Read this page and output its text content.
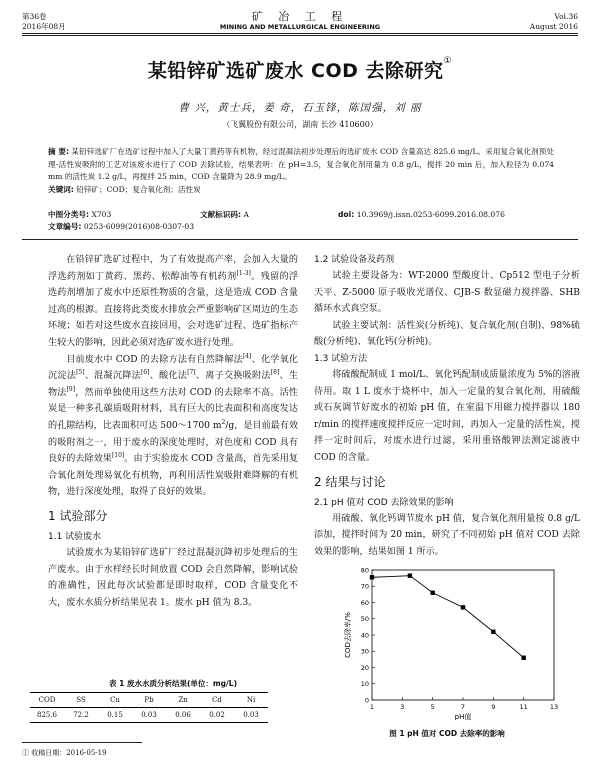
第36卷
2016年08月
矿 冶 工 程
MINING AND METALLURGICAL ENGINEERING
Vol.36
August 2016
某铅锌矿选矿废水 COD 去除研究①
曹 兴，黄士兵，姜 奇，石玉锋，陈国强，刘 丽
（飞翼股份有限公司，湖南 长沙 410600）
摘 要: 某铅锌选矿厂在选矿过程中加入了大量丁黄药等有机物，经过混凝法初步处理后的选矿废水 COD 含量高达 825.6 mg/L。采用复合氧化剂预处理-活性炭吸附的工艺对该废水进行了 COD 去除试验，结果表明：在 pH=3.5，复合氧化剂用量为 0.8 g/L，搅拌 20 min 后，加入粒径为 0.074 mm 的活性炭 1.2 g/L，再搅拌 25 min，COD 含量降为 28.9 mg/L。
关键词: 铅锌矿；COD；复合氧化剂；活性炭
中图分类号: X703	文献标识码: A	doi: 10.3969/j.issn.0253-6099.2016.08.076
文章编号: 0253-6099(2016)08-0307-03

在铅锌矿选矿过程中，为了有效提高产率，会加入大量的浮选药剂如丁黄药、黑药、松醇油等有机药剂[1-3]。残留的浮选药剂增加了废水中还原性物质的含量，这是造成 COD 含量过高的根源。直接将此类废水排放会严重影响矿区周边的生态环境；如若对这些废水直接回用，会对选矿过程、选矿指标产生较大的影响，因此必须对选矿废水进行处理。

目前废水中 COD 的去除方法有自然降解法[4]、化学氧化沉淀法[5]、混凝沉降法[6]、酸化法[7]、离子交换吸附法[8]、生物法[9]，然而单独使用这些方法对 COD 的去除率不高。活性炭是一种多孔碳质吸附材料，具有巨大的比表面积和高度发达的孔隙结构，比表面积可达 500～1700 m$^2$/g，是目前最有效的吸附剂之一，用于废水的深度处理时，对色度和 COD 具有良好的去除效果[10]。由于实验废水 COD 含量高，首先采用复合氧化剂处理易氧化有机物，再利用活性炭吸附难降解的有机物，进行深度处理，取得了良好的效果。

1 试验部分
1.1 试验废水

试验废水为某铅锌矿选矿厂经过混凝沉降初步处理后的生产废水。由于水样经长时间放置 COD 会自然降解，影响试验的准确性，因此每次试验都是即时取样，COD 含量变化不大，废水水质分析结果见表 1。废水 pH 值为 8.3。

表 1 废水水质分析结果(单位：mg/L)
COD	SS	Cu	Pb	Zn	Cd	Ni
825.6	72.2	0.15	0.03	0.06	0.02	0.03
1.2 试验设备及药剂

试验主要设备为：WT-2000 型酸度计、Cp512 型电子分析天平、Z-5000 原子吸收光谱仪、CJB-S 数显磁力搅拌器、SHB 循环水式真空泵。

试验主要试剂：活性炭(分析纯)、复合氧化剂(自制)、98%硫酸(分析纯)、氧化钙(分析纯)。

1.3 试验方法

将硫酸配制成 1 mol/L、氧化钙配制成质量浓度为 5%的溶液待用。取 1 L 废水于烧杯中，加入一定量的复合氧化剂，用硫酸或石灰调节好废水的初始 pH 值，在室温下用磁力搅拌器以 180 r/min 的搅拌速度搅拌反应一定时间，再加入一定量的活性炭，搅拌一定时间后，对废水进行过滤，采用重铬酸钾法测定滤液中 COD 的含量。

2 结果与讨论
2.1 pH 值对 COD 去除效果的影响

用硫酸、氧化钙调节废水 pH 值，复合氧化剂用量按 0.8 g/L 添加，搅拌时间为 20 min，研究了不同初始 pH 值对 COD 去除效果的影响，结果如图 1 所示。

1	3	5	7	9	11	13
0
10
20
30
40
50
60
70
80
pH值
COD去除率/%
图 1 pH 值对 COD 去除率的影响
① 收稿日期：2016-05-19
